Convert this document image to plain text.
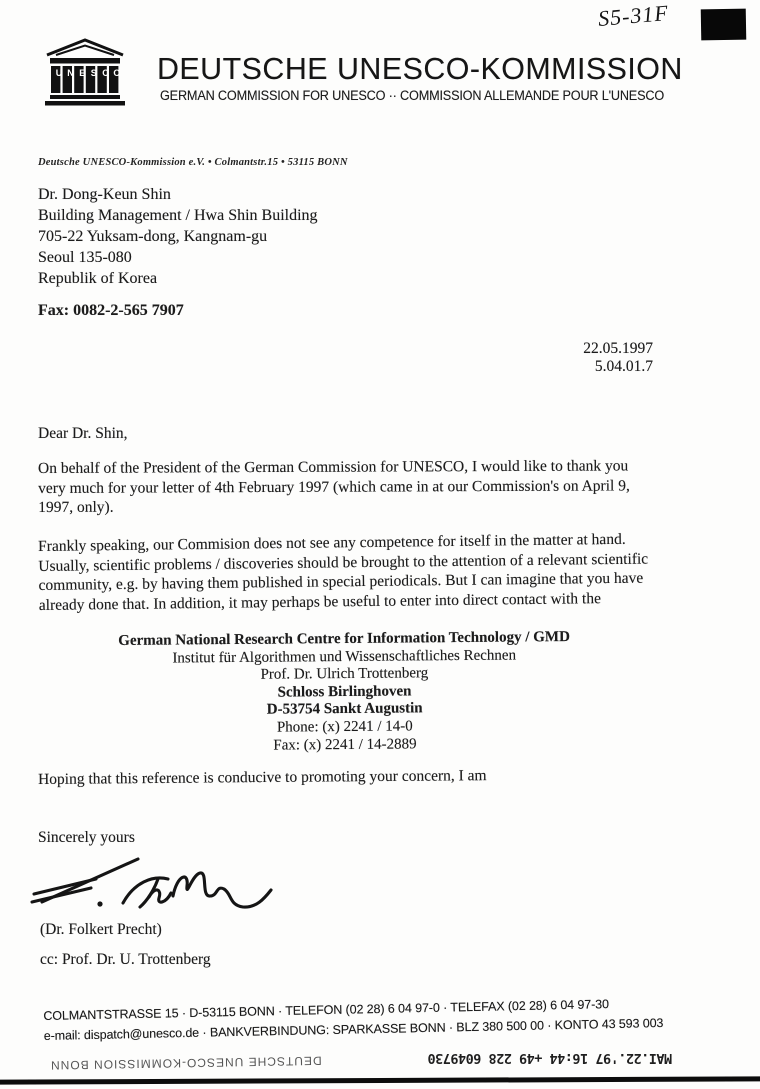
S5-31F
U N E S C O DEUTSCHE UNESCO-KOMMISSION
GERMAN COMMISSION FOR UNESCO ·· COMMISSION ALLEMANDE POUR L'UNESCO
Deutsche UNESCO-Kommission e.V. • Colmantstr.15 • 53115 BONN
Dr. Dong-Keun Shin
Building Management / Hwa Shin Building
705-22 Yuksam-dong, Kangnam-gu
Seoul 135-080
Republik of Korea
Fax: 0082-2-565 7907
22.05.1997
5.04.01.7
Dear Dr. Shin,
On behalf of the President of the German Commission for UNESCO, I would like to thank you
very much for your letter of 4th February 1997 (which came in at our Commission's on April 9,
1997, only).
Frankly speaking, our Commision does not see any competence for itself in the matter at hand.
Usually, scientific problems / discoveries should be brought to the attention of a relevant scientific
community, e.g. by having them published in special periodicals. But I can imagine that you have
already done that. In addition, it may perhaps be useful to enter into direct contact with the
German National Research Centre for Information Technology / GMD
Institut für Algorithmen und Wissenschaftliches Rechnen
Prof. Dr. Ulrich Trottenberg
Schloss Birlinghoven
D-53754 Sankt Augustin
Phone: (x) 2241 / 14-0
Fax: (x) 2241 / 14-2889
Hoping that this reference is conducive to promoting your concern, I am
Sincerely yours
(Dr. Folkert Precht)
cc: Prof. Dr. U. Trottenberg
COLMANTSTRASSE 15 · D-53115 BONN · TELEFON (02 28) 6 04 97-0 · TELEFAX (02 28) 6 04 97-30
e-mail: dispatch@unesco.de · BANKVERBINDUNG: SPARKASSE BONN · BLZ 380 500 00 · KONTO 43 593 003
DEUTSCHE UNESCO-KOMMISSION BONN	MAI.22.'97 16:44 +49 228 6049730
